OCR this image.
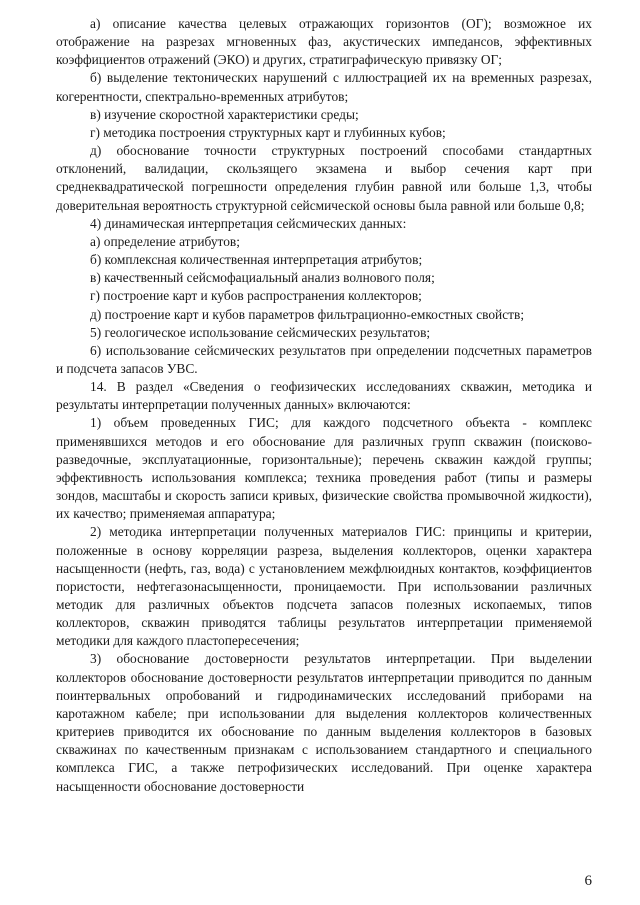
а) описание качества целевых отражающих горизонтов (ОГ); возможное их отображение на разрезах мгновенных фаз, акустических импедансов, эффективных коэффициентов отражений (ЭКО) и других, стратиграфическую привязку ОГ;

б) выделение тектонических нарушений с иллюстрацией их на временных разрезах, когерентности, спектрально-временных атрибутов;

в) изучение скоростной характеристики среды;

г) методика построения структурных карт и глубинных кубов;

д) обоснование точности структурных построений способами стандартных отклонений, валидации, скользящего экзамена и выбор сечения карт при среднеквадратической погрешности определения глубин равной или больше 1,3, чтобы доверительная вероятность структурной сейсмической основы была равной или больше 0,8;

4) динамическая интерпретация сейсмических данных:

а) определение атрибутов;

б) комплексная количественная интерпретация атрибутов;

в) качественный сейсмофациальный анализ волнового поля;

г) построение карт и кубов распространения коллекторов;

д) построение карт и кубов параметров фильтрационно-емкостных свойств;

5) геологическое использование сейсмических результатов;

6) использование сейсмических результатов при определении подсчетных параметров и подсчета запасов УВС.

14. В раздел «Сведения о геофизических исследованиях скважин, методика и результаты интерпретации полученных данных» включаются:

1) объем проведенных ГИС; для каждого подсчетного объекта - комплекс применявшихся методов и его обоснование для различных групп скважин (поисково-разведочные, эксплуатационные, горизонтальные); перечень скважин каждой группы; эффективность использования комплекса; техника проведения работ (типы и размеры зондов, масштабы и скорость записи кривых, физические свойства промывочной жидкости), их качество; применяемая аппаратура;

2) методика интерпретации полученных материалов ГИС: принципы и критерии, положенные в основу корреляции разреза, выделения коллекторов, оценки характера насыщенности (нефть, газ, вода) с установлением межфлюидных контактов, коэффициентов пористости, нефтегазонасыщенности, проницаемости. При использовании различных методик для различных объектов подсчета запасов полезных ископаемых, типов коллекторов, скважин приводятся таблицы результатов интерпретации применяемой методики для каждого пластопересечения;

3) обоснование достоверности результатов интерпретации. При выделении коллекторов обоснование достоверности результатов интерпретации приводится по данным поинтервальных опробований и гидродинамических исследований приборами на каротажном кабеле; при использовании для выделения коллекторов количественных критериев приводится их обоснование по данным выделения коллекторов в базовых скважинах по качественным признакам с использованием стандартного и специального комплекса ГИС, а также петрофизических исследований. При оценке характера насыщенности обоснование достоверности

6
